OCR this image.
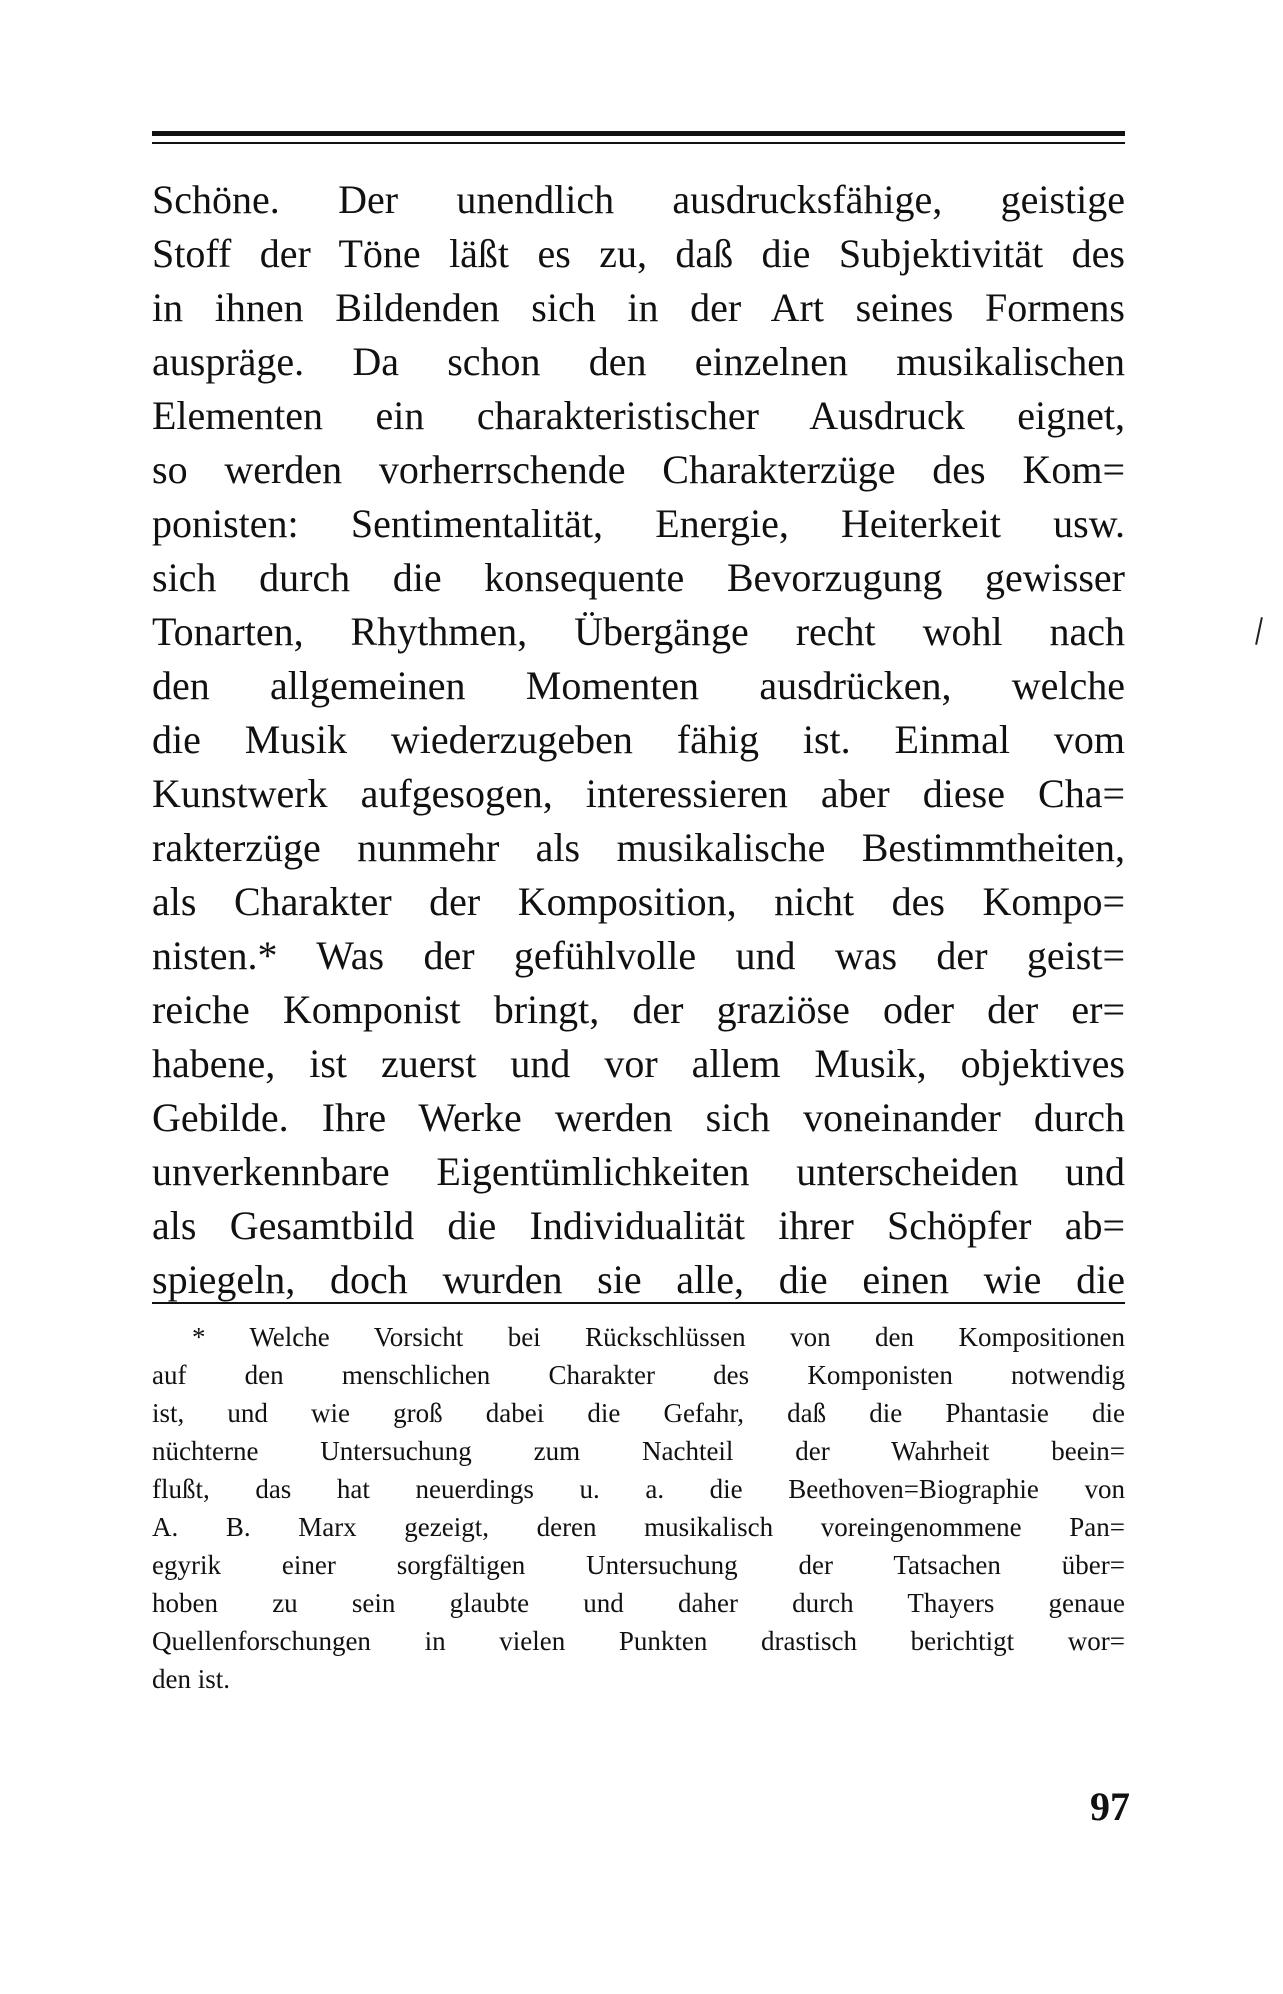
Schöne. Der unendlich ausdrucksfähige, geistige
Stoff der Töne läßt es zu, daß die Subjektivität des
in ihnen Bildenden sich in der Art seines Formens
auspräge. Da schon den einzelnen musikalischen
Elementen ein charakteristischer Ausdruck eignet,
so werden vorherrschende Charakterzüge des Kom=
ponisten: Sentimentalität, Energie, Heiterkeit usw.
sich durch die konsequente Bevorzugung gewisser
Tonarten, Rhythmen, Übergänge recht wohl nach
den allgemeinen Momenten ausdrücken, welche
die Musik wiederzugeben fähig ist. Einmal vom
Kunstwerk aufgesogen, interessieren aber diese Cha=
rakterzüge nunmehr als musikalische Bestimmtheiten,
als Charakter der Komposition, nicht des Kompo=
nisten.* Was der gefühlvolle und was der geist=
reiche Komponist bringt, der graziöse oder der er=
habene, ist zuerst und vor allem Musik, objektives
Gebilde. Ihre Werke werden sich voneinander durch
unverkennbare Eigentümlichkeiten unterscheiden und
als Gesamtbild die Individualität ihrer Schöpfer ab=
spiegeln, doch wurden sie alle, die einen wie die
* Welche Vorsicht bei Rückschlüssen von den Kompositionen
auf den menschlichen Charakter des Komponisten notwendig
ist, und wie groß dabei die Gefahr, daß die Phantasie die
nüchterne Untersuchung zum Nachteil der Wahrheit beein=
flußt, das hat neuerdings u. a. die Beethoven=Biographie von
A. B. Marx gezeigt, deren musikalisch voreingenommene Pan=
egyrik einer sorgfältigen Untersuchung der Tatsachen über=
hoben zu sein glaubte und daher durch Thayers genaue
Quellenforschungen in vielen Punkten drastisch berichtigt wor=
den ist.
97
